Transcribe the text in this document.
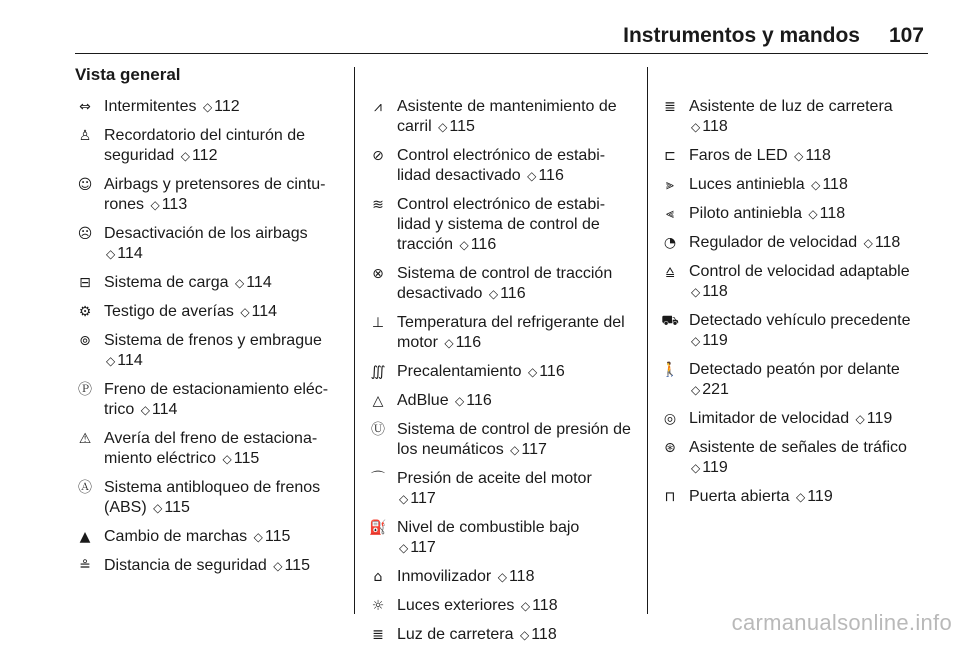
Instrumentos y mandos 107
Vista general
⇔ Intermitentes ◇ 112
♙ Recordatorio del cinturón de
seguridad ◇ 112
☺ Airbags y pretensores de cintu-
rones ◇ 113
☹ Desactivación de los airbags
◇ 114
⊟ Sistema de carga ◇ 114
⚙ Testigo de averías ◇ 114
⊚ Sistema de frenos y embrague
◇ 114
Ⓟ Freno de estacionamiento eléc-
trico ◇ 114
⚠ Avería del freno de estaciona-
miento eléctrico ◇ 115
Ⓐ Sistema antibloqueo de frenos
(ABS) ◇ 115
▲ Cambio de marchas ◇ 115
≗ Distancia de seguridad ◇ 115
⩘ Asistente de mantenimiento de
carril ◇ 115
⊘ Control electrónico de estabi-
lidad desactivado ◇ 116
≋ Control electrónico de estabi-
lidad y sistema de control de
tracción ◇ 116
⊗ Sistema de control de tracción
desactivado ◇ 116
⊥ Temperatura del refrigerante del
motor ◇ 116
∭ Precalentamiento ◇ 116
△ AdBlue ◇ 116
Ⓤ Sistema de control de presión de
los neumáticos ◇ 117
⌒ Presión de aceite del motor
◇ 117
⛽ Nivel de combustible bajo
◇ 117
⌂ Inmovilizador ◇ 118
☼ Luces exteriores ◇ 118
≣ Luz de carretera ◇ 118
≣ Asistente de luz de carretera
◇ 118
⊏ Faros de LED ◇ 118
⫸ Luces antiniebla ◇ 118
⫷ Piloto antiniebla ◇ 118
◔ Regulador de velocidad ◇ 118
⩠ Control de velocidad adaptable
◇ 118
⛟ Detectado vehículo precedente
◇ 119
🚶 Detectado peatón por delante
◇ 221
◎ Limitador de velocidad ◇ 119
⊛ Asistente de señales de tráfico
◇ 119
⊓ Puerta abierta ◇ 119
carmanualsonline.info
